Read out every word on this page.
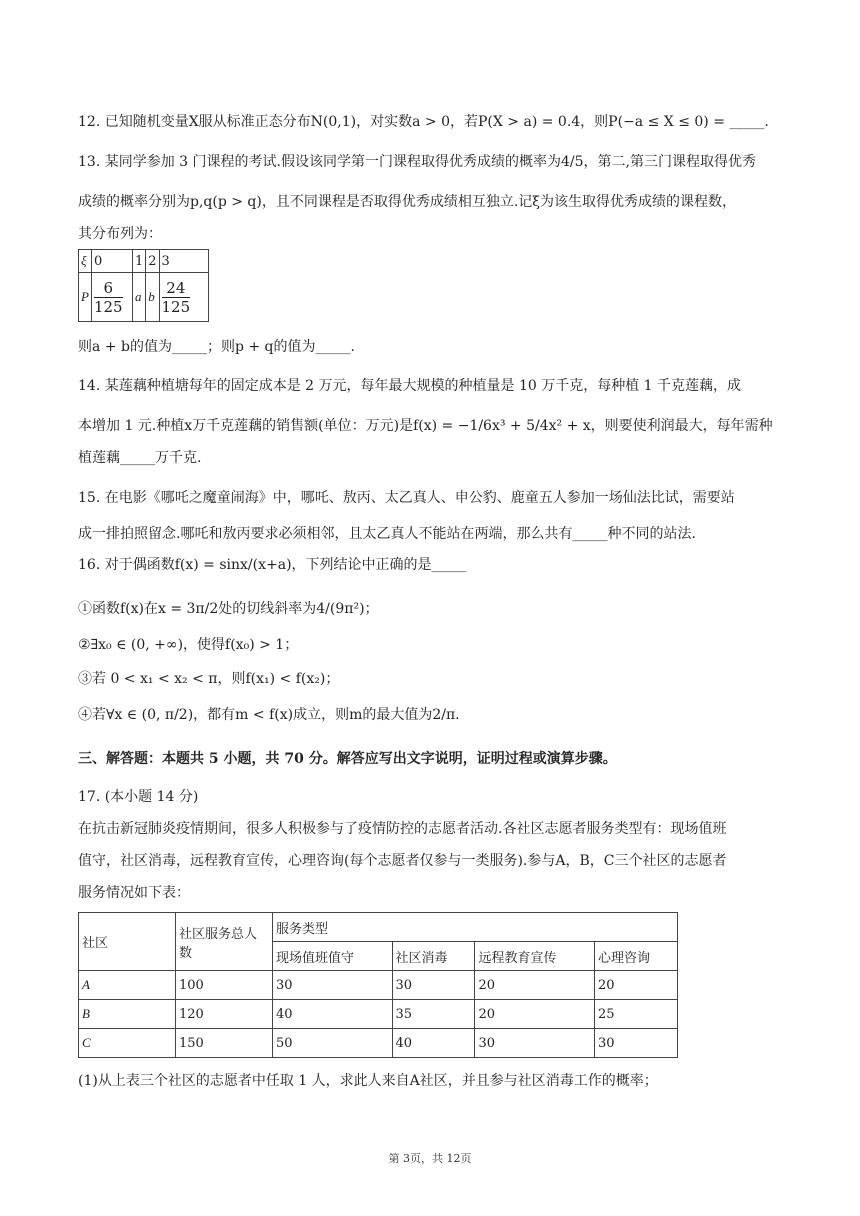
12. 已知随机变量X服从标准正态分布N(0,1)，对实数a > 0，若P(X > a) = 0.4，则P(−a ≤ X ≤ 0) = _____.
13. 某同学参加 3 门课程的考试.假设该同学第一门课程取得优秀成绩的概率为4/5，第二,第三门课程取得优秀
成绩的概率分别为p,q(p > q)，且不同课程是否取得优秀成绩相互独立.记ξ为该生取得优秀成绩的课程数，
其分布列为：
ξ	0	1	2	3
P	$\frac{6}{125}$	a	b	$\frac{24}{125}$
则a + b的值为_____；则p + q的值为_____.
14. 某莲藕种植塘每年的固定成本是 2 万元，每年最大规模的种植量是 10 万千克，每种植 1 千克莲藕，成
本增加 1 元.种植x万千克莲藕的销售额(单位：万元)是f(x) = −1/6x³ + 5/4x² + x，则要使利润最大，每年需种
植莲藕_____万千克.
15. 在电影《哪吒之魔童闹海》中，哪吒、敖丙、太乙真人、申公豹、鹿童五人参加一场仙法比试，需要站
成一排拍照留念.哪吒和敖丙要求必须相邻，且太乙真人不能站在两端，那么共有_____种不同的站法.
16. 对于偶函数f(x) = sinx/(x+a)，下列结论中正确的是_____
①函数f(x)在x = 3π/2处的切线斜率为4/(9π²)；
②∃x₀ ∈ (0, +∞)，使得f(x₀) > 1；
③若 0 < x₁ < x₂ < π，则f(x₁) < f(x₂)；
④若∀x ∈ (0, π/2)，都有m < f(x)成立，则m的最大值为2/π.
三、解答题：本题共 5 小题，共 70 分。解答应写出文字说明，证明过程或演算步骤。
17. (本小题 14 分)
在抗击新冠肺炎疫情期间，很多人积极参与了疫情防控的志愿者活动.各社区志愿者服务类型有：现场值班
值守，社区消毒，远程教育宣传，心理咨询(每个志愿者仅参与一类服务).参与A，B，C三个社区的志愿者
服务情况如下表：
社区	社区服务总人数	服务类型			
		现场值班值守	社区消毒	远程教育宣传	心理咨询
A	100	30	30	20	20
B	120	40	35	20	25
C	150	50	40	30	30
(1)从上表三个社区的志愿者中任取 1 人，求此人来自A社区，并且参与社区消毒工作的概率；
第 3页，共 12页
